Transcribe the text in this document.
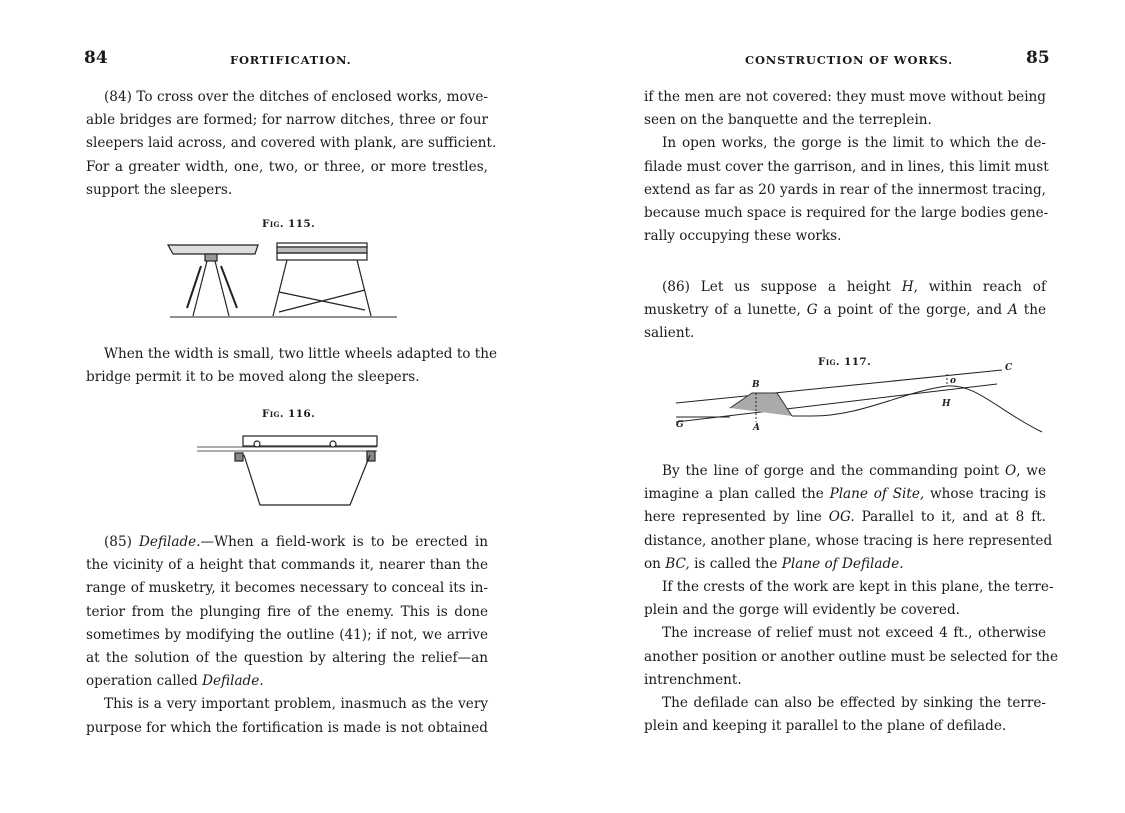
84	FORTIFICATION.
(84) To cross over the ditches of enclosed works, move-
able bridges are formed; for narrow ditches, three or four
sleepers laid across, and covered with plank, are sufficient.
For a greater width, one, two, or three, or more trestles,
support the sleepers.
Fig. 115.
When the width is small, two little wheels adapted to the
bridge permit it to be moved along the sleepers.
Fig. 116.
(85) Defilade.—When a field-work is to be erected in
the vicinity of a height that commands it, nearer than the
range of musketry, it becomes necessary to conceal its in-
terior from the plunging fire of the enemy. This is done
sometimes by modifying the outline (41); if not, we arrive
at the solution of the question by altering the relief—an
operation called Defilade.
This is a very important problem, inasmuch as the very
purpose for which the fortification is made is not obtained
CONSTRUCTION OF WORKS.	85
if the men are not covered: they must move without being
seen on the banquette and the terreplein.
In open works, the gorge is the limit to which the de-
filade must cover the garrison, and in lines, this limit must
extend as far as 20 yards in rear of the innermost tracing,
because much space is required for the large bodies gene-
rally occupying these works.
(86) Let us suppose a height H, within reach of
musketry of a lunette, G a point of the gorge, and A the
salient.
Fig. 117.
B
C
o
H
G	A
By the line of gorge and the commanding point O, we
imagine a plan called the Plane of Site, whose tracing is
here represented by line OG. Parallel to it, and at 8 ft.
distance, another plane, whose tracing is here represented
on BC, is called the Plane of Defilade.
If the crests of the work are kept in this plane, the terre-
plein and the gorge will evidently be covered.
The increase of relief must not exceed 4 ft., otherwise
another position or another outline must be selected for the
intrenchment.
The defilade can also be effected by sinking the terre-
plein and keeping it parallel to the plane of defilade.
